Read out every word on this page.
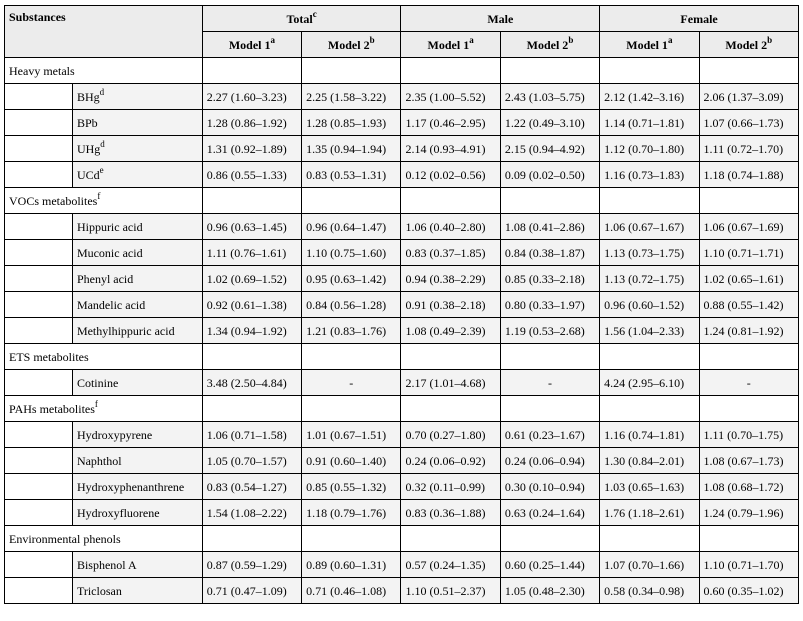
Substances		Total$^c$		Male		Female	
		Model 1$^a$	Model 2$^b$	Model 1$^a$	Model 2$^b$	Model 1$^a$	Model 2$^b$
Heavy metals							
	BHg$^d$	2.27 (1.60–3.23)	2.25 (1.58–3.22)	2.35 (1.00–5.52)	2.43 (1.03–5.75)	2.12 (1.42–3.16)	2.06 (1.37–3.09)
	BPb	1.28 (0.86–1.92)	1.28 (0.85–1.93)	1.17 (0.46–2.95)	1.22 (0.49–3.10)	1.14 (0.71–1.81)	1.07 (0.66–1.73)
	UHg$^d$	1.31 (0.92–1.89)	1.35 (0.94–1.94)	2.14 (0.93–4.91)	2.15 (0.94–4.92)	1.12 (0.70–1.80)	1.11 (0.72–1.70)
	UCd$^e$	0.86 (0.55–1.33)	0.83 (0.53–1.31)	0.12 (0.02–0.56)	0.09 (0.02–0.50)	1.16 (0.73–1.83)	1.18 (0.74–1.88)
VOCs metabolites$^f$						
	Hippuric acid	0.96 (0.63–1.45)	0.96 (0.64–1.47)	1.06 (0.40–2.80)	1.08 (0.41–2.86)	1.06 (0.67–1.67)	1.06 (0.67–1.69)
	Muconic acid	1.11 (0.76–1.61)	1.10 (0.75–1.60)	0.83 (0.37–1.85)	0.84 (0.38–1.87)	1.13 (0.73–1.75)	1.10 (0.71–1.71)
	Phenyl acid	1.02 (0.69–1.52)	0.95 (0.63–1.42)	0.94 (0.38–2.29)	0.85 (0.33–2.18)	1.13 (0.72–1.75)	1.02 (0.65–1.61)
	Mandelic acid	0.92 (0.61–1.38)	0.84 (0.56–1.28)	0.91 (0.38–2.18)	0.80 (0.33–1.97)	0.96 (0.60–1.52)	0.88 (0.55–1.42)
	Methylhippuric acid	1.34 (0.94–1.92)	1.21 (0.83–1.76)	1.08 (0.49–2.39)	1.19 (0.53–2.68)	1.56 (1.04–2.33)	1.24 (0.81–1.92)
ETS metabolites							
	Cotinine	3.48 (2.50–4.84)	-	2.17 (1.01–4.68)	-	4.24 (2.95–6.10)	-
PAHs metabolites$^f$						
	Hydroxypyrene	1.06 (0.71–1.58)	1.01 (0.67–1.51)	0.70 (0.27–1.80)	0.61 (0.23–1.67)	1.16 (0.74–1.81)	1.11 (0.70–1.75)
	Naphthol	1.05 (0.70–1.57)	0.91 (0.60–1.40)	0.24 (0.06–0.92)	0.24 (0.06–0.94)	1.30 (0.84–2.01)	1.08 (0.67–1.73)
	Hydroxyphenanthrene	0.83 (0.54–1.27)	0.85 (0.55–1.32)	0.32 (0.11–0.99)	0.30 (0.10–0.94)	1.03 (0.65–1.63)	1.08 (0.68–1.72)
	Hydroxyfluorene	1.54 (1.08–2.22)	1.18 (0.79–1.76)	0.83 (0.36–1.88)	0.63 (0.24–1.64)	1.76 (1.18–2.61)	1.24 (0.79–1.96)
Environmental phenols							
	Bisphenol A	0.87 (0.59–1.29)	0.89 (0.60–1.31)	0.57 (0.24–1.35)	0.60 (0.25–1.44)	1.07 (0.70–1.66)	1.10 (0.71–1.70)
	Triclosan	0.71 (0.47–1.09)	0.71 (0.46–1.08)	1.10 (0.51–2.37)	1.05 (0.48–2.30)	0.58 (0.34–0.98)	0.60 (0.35–1.02)
